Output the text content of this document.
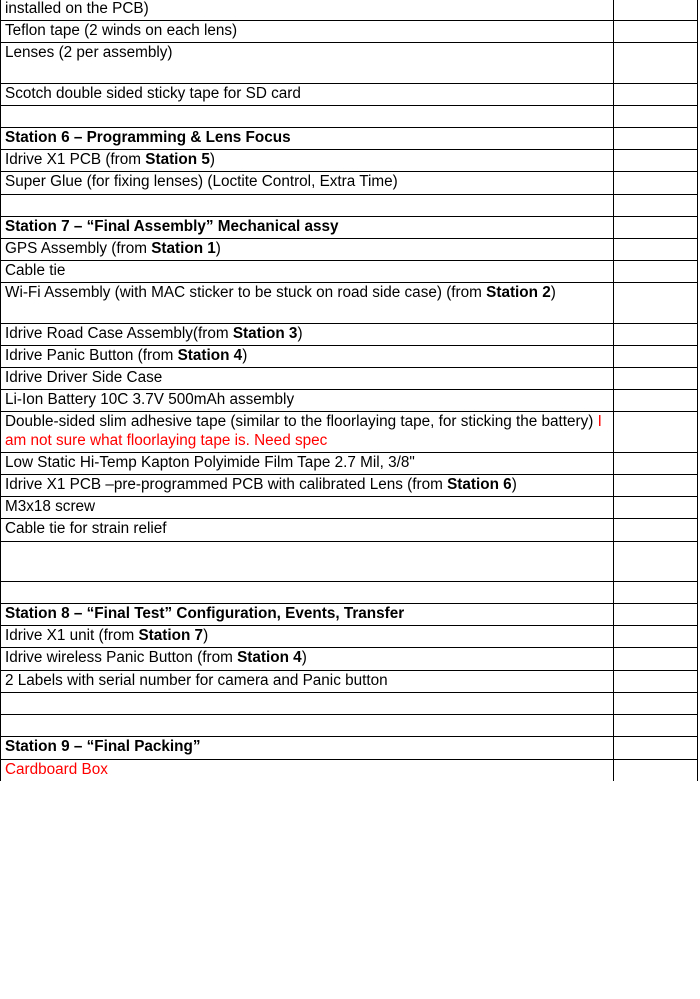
installed on the PCB)	
Teflon tape (2 winds on each lens)	
Lenses (2 per assembly)	
Scotch double sided sticky tape for SD card	

Station 6 – Programming & Lens Focus	
Idrive X1 PCB (from Station 5)	
Super Glue (for fixing lenses) (Loctite Control, Extra Time)	

Station 7 – “Final Assembly” Mechanical assy	
GPS Assembly (from Station 1)	
Cable tie	
Wi-Fi Assembly (with MAC sticker to be stuck on road side case) (from Station 2)	
Idrive Road Case Assembly(from Station 3)	
Idrive Panic Button (from Station 4)	
Idrive Driver Side Case	
Li-Ion Battery 10C 3.7V 500mAh assembly	
Double-sided slim adhesive tape (similar to the floorlaying tape, for sticking the battery) I am not sure what floorlaying tape is. Need spec	
Low Static Hi-Temp Kapton Polyimide Film Tape 2.7 Mil, 3/8"	
Idrive X1 PCB –pre-programmed PCB with calibrated Lens (from Station 6)	
M3x18 screw	
Cable tie for strain relief	

Station 8 – “Final Test” Configuration, Events, Transfer	
Idrive X1 unit (from Station 7)	
Idrive wireless Panic Button (from Station 4)	
2 Labels with serial number for camera and Panic button	

Station 9 – “Final Packing”	
Cardboard Box	
